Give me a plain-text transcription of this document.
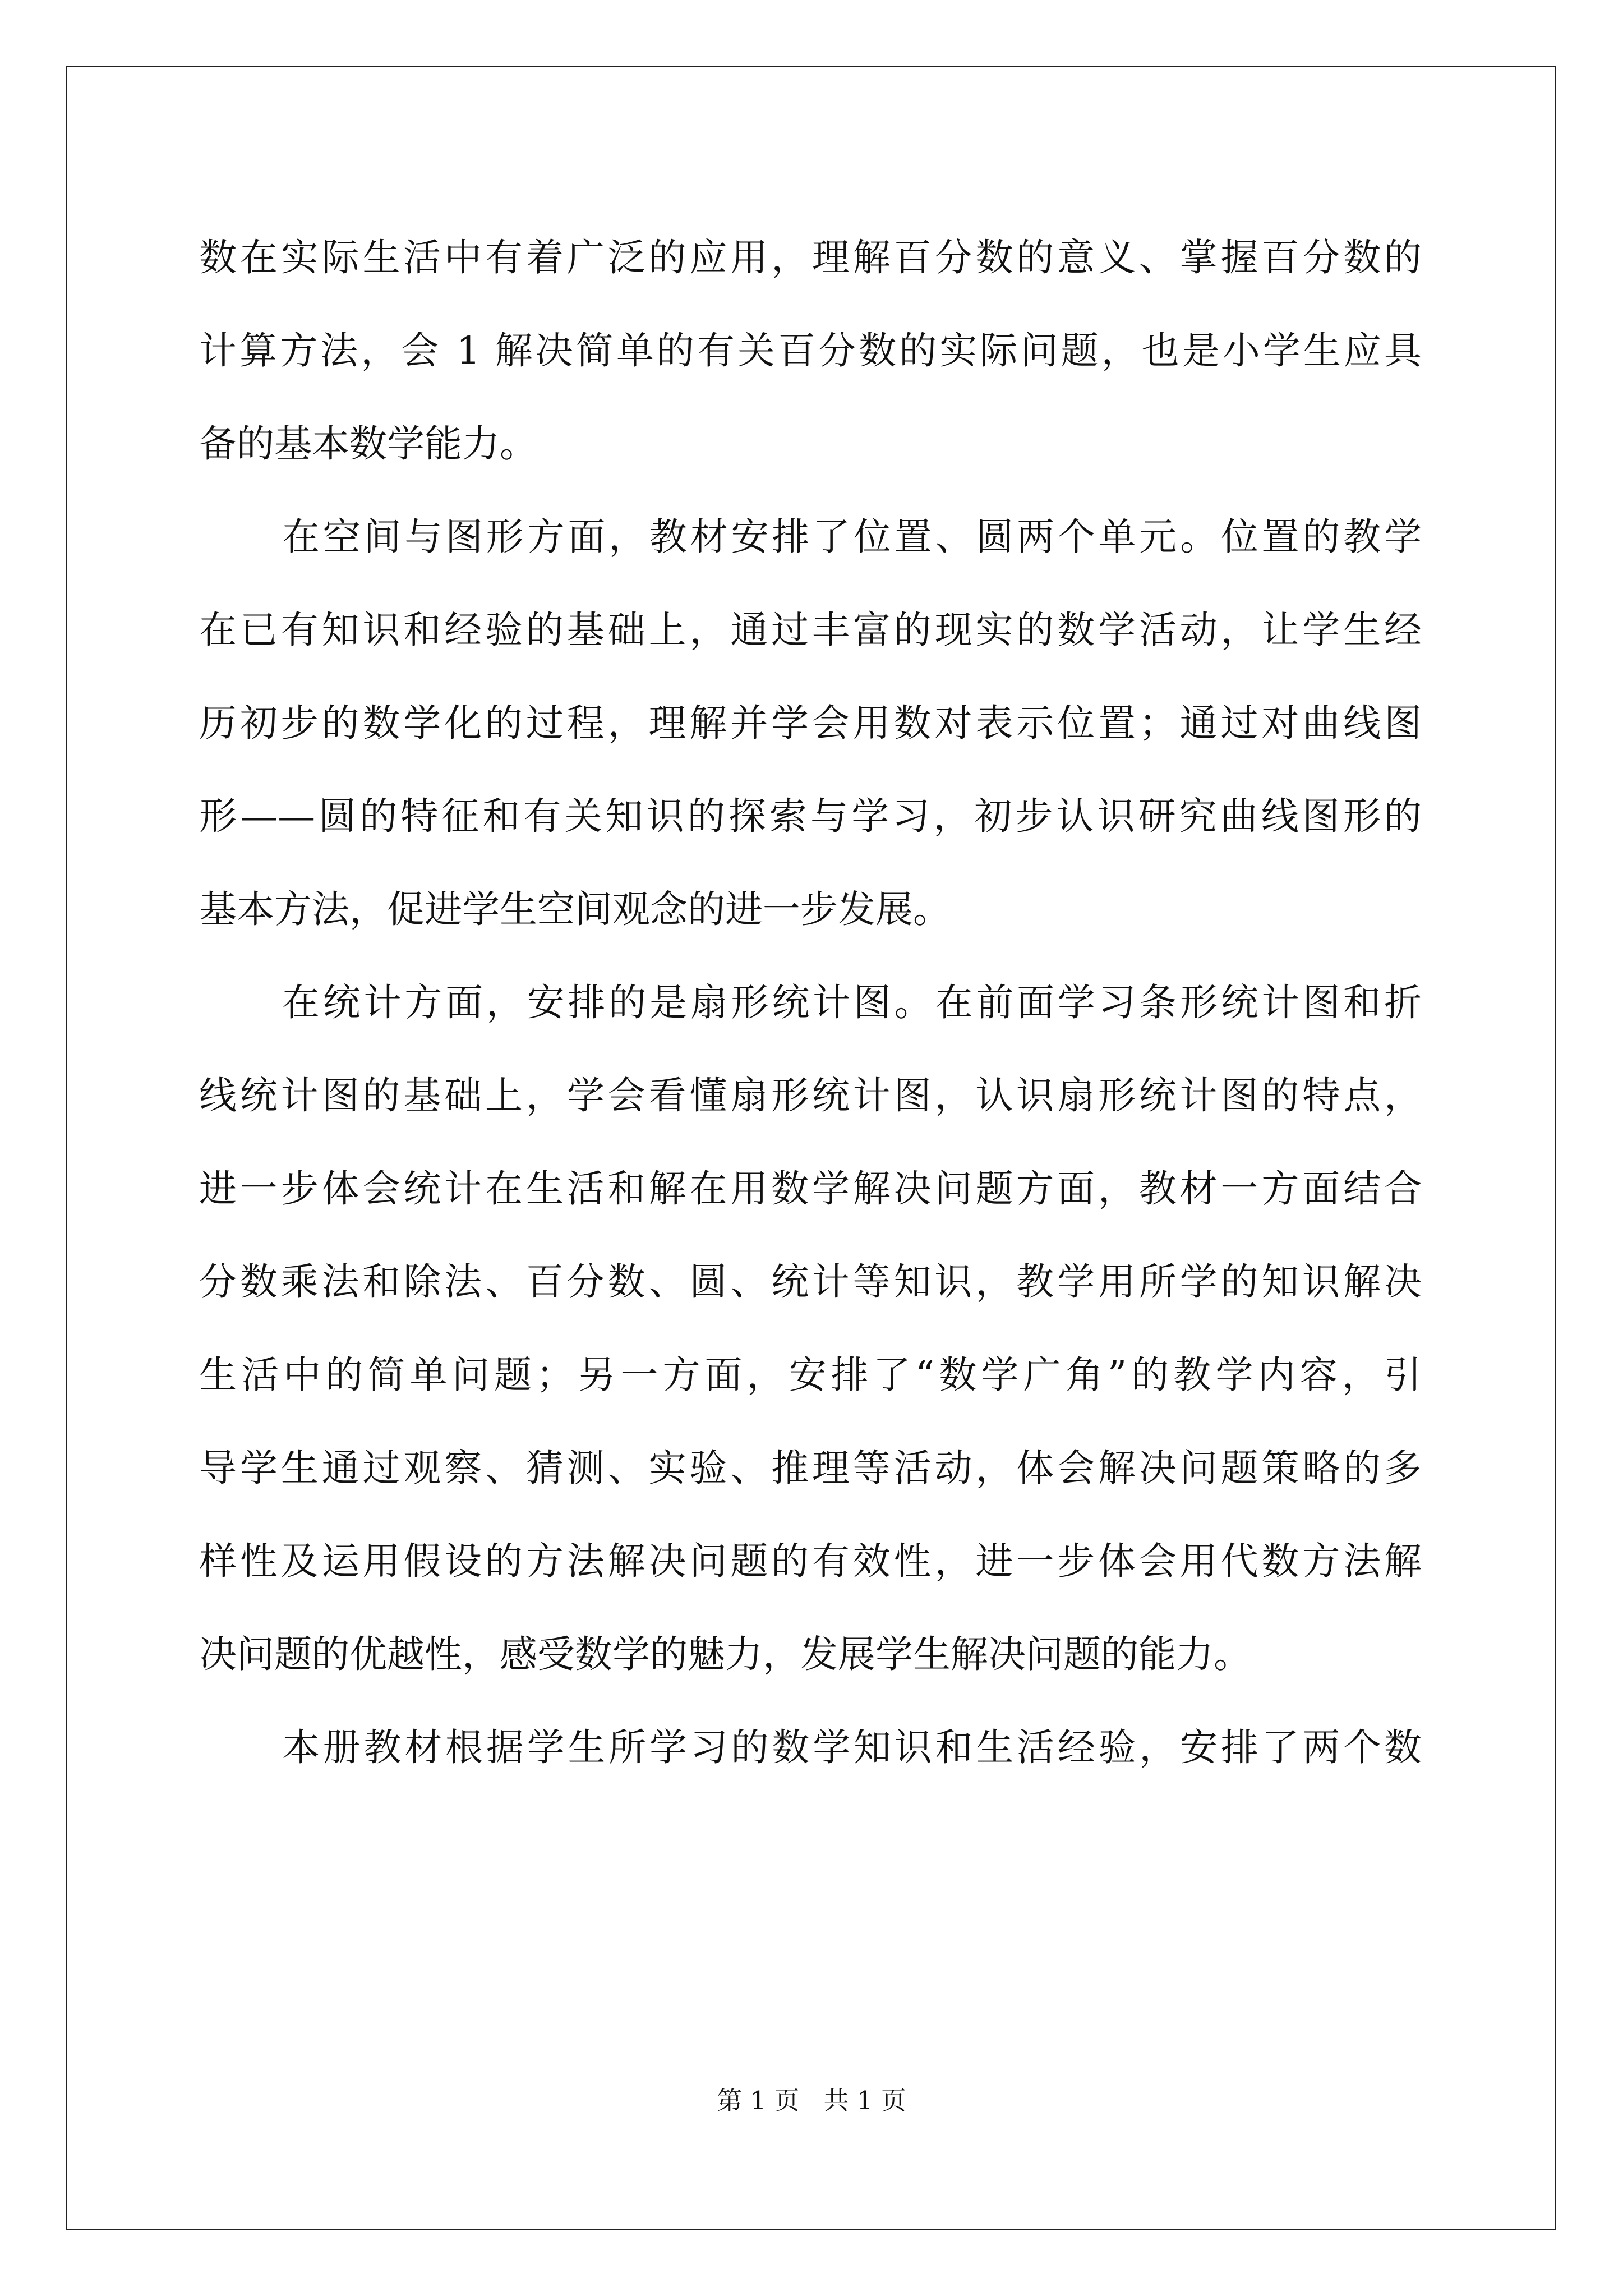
数在实际生活中有着广泛的应用，理解百分数的意义、掌握百分数的
计算方法，会 1 解决简单的有关百分数的实际问题，也是小学生应具
备的基本数学能力。
在空间与图形方面，教材安排了位置、圆两个单元。位置的教学
在已有知识和经验的基础上，通过丰富的现实的数学活动，让学生经
历初步的数学化的过程，理解并学会用数对表示位置；通过对曲线图
形——圆的特征和有关知识的探索与学习，初步认识研究曲线图形的
基本方法，促进学生空间观念的进一步发展。
在统计方面，安排的是扇形统计图。在前面学习条形统计图和折
线统计图的基础上，学会看懂扇形统计图，认识扇形统计图的特点，
进一步体会统计在生活和解在用数学解决问题方面，教材一方面结合
分数乘法和除法、百分数、圆、统计等知识，教学用所学的知识解决
生活中的简单问题；另一方面，安排了“数学广角”的教学内容，引
导学生通过观察、猜测、实验、推理等活动，体会解决问题策略的多
样性及运用假设的方法解决问题的有效性，进一步体会用代数方法解
决问题的优越性，感受数学的魅力，发展学生解决问题的能力。
本册教材根据学生所学习的数学知识和生活经验，安排了两个数
第 1 页 共 1 页
